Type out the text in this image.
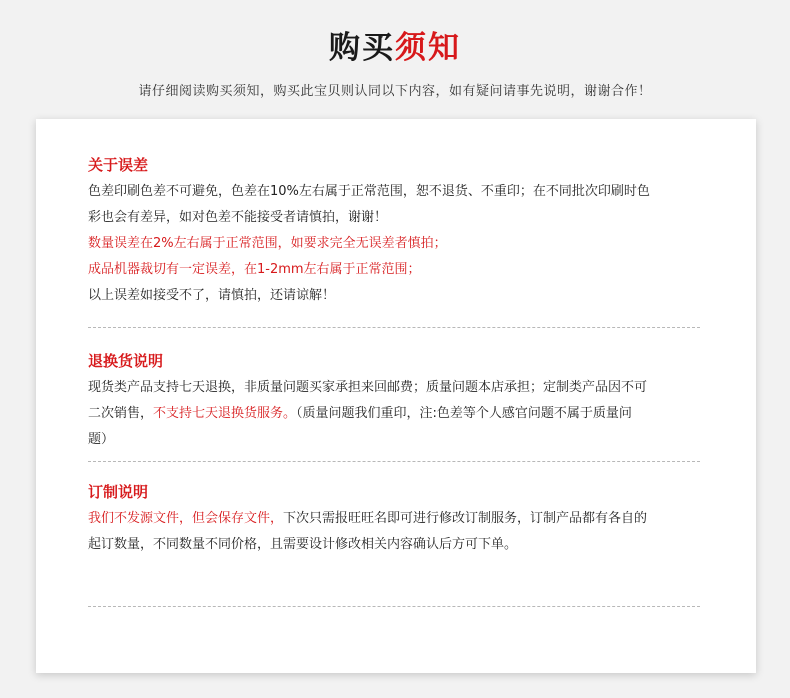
购买须知
请仔细阅读购买须知，购买此宝贝则认同以下内容，如有疑问请事先说明，谢谢合作！
关于误差

色差印刷色差不可避免，色差在10%左右属于正常范围，恕不退货、不重印；在不同批次印刷时色

彩也会有差异，如对色差不能接受者请慎拍，谢谢！

数量误差在2%左右属于正常范围，如要求完全无误差者慎拍；

成品机器裁切有一定误差，在1-2mm左右属于正常范围；

以上误差如接受不了，请慎拍，还请谅解！

退换货说明

现货类产品支持七天退换，非质量问题买家承担来回邮费；质量问题本店承担；定制类产品因不可

二次销售，不支持七天退换货服务。（质量问题我们重印，注:色差等个人感官问题不属于质量问

题）

订制说明

我们不发源文件，但会保存文件，下次只需报旺旺名即可进行修改订制服务，订制产品都有各自的

起订数量，不同数量不同价格，且需要设计修改相关内容确认后方可下单。
